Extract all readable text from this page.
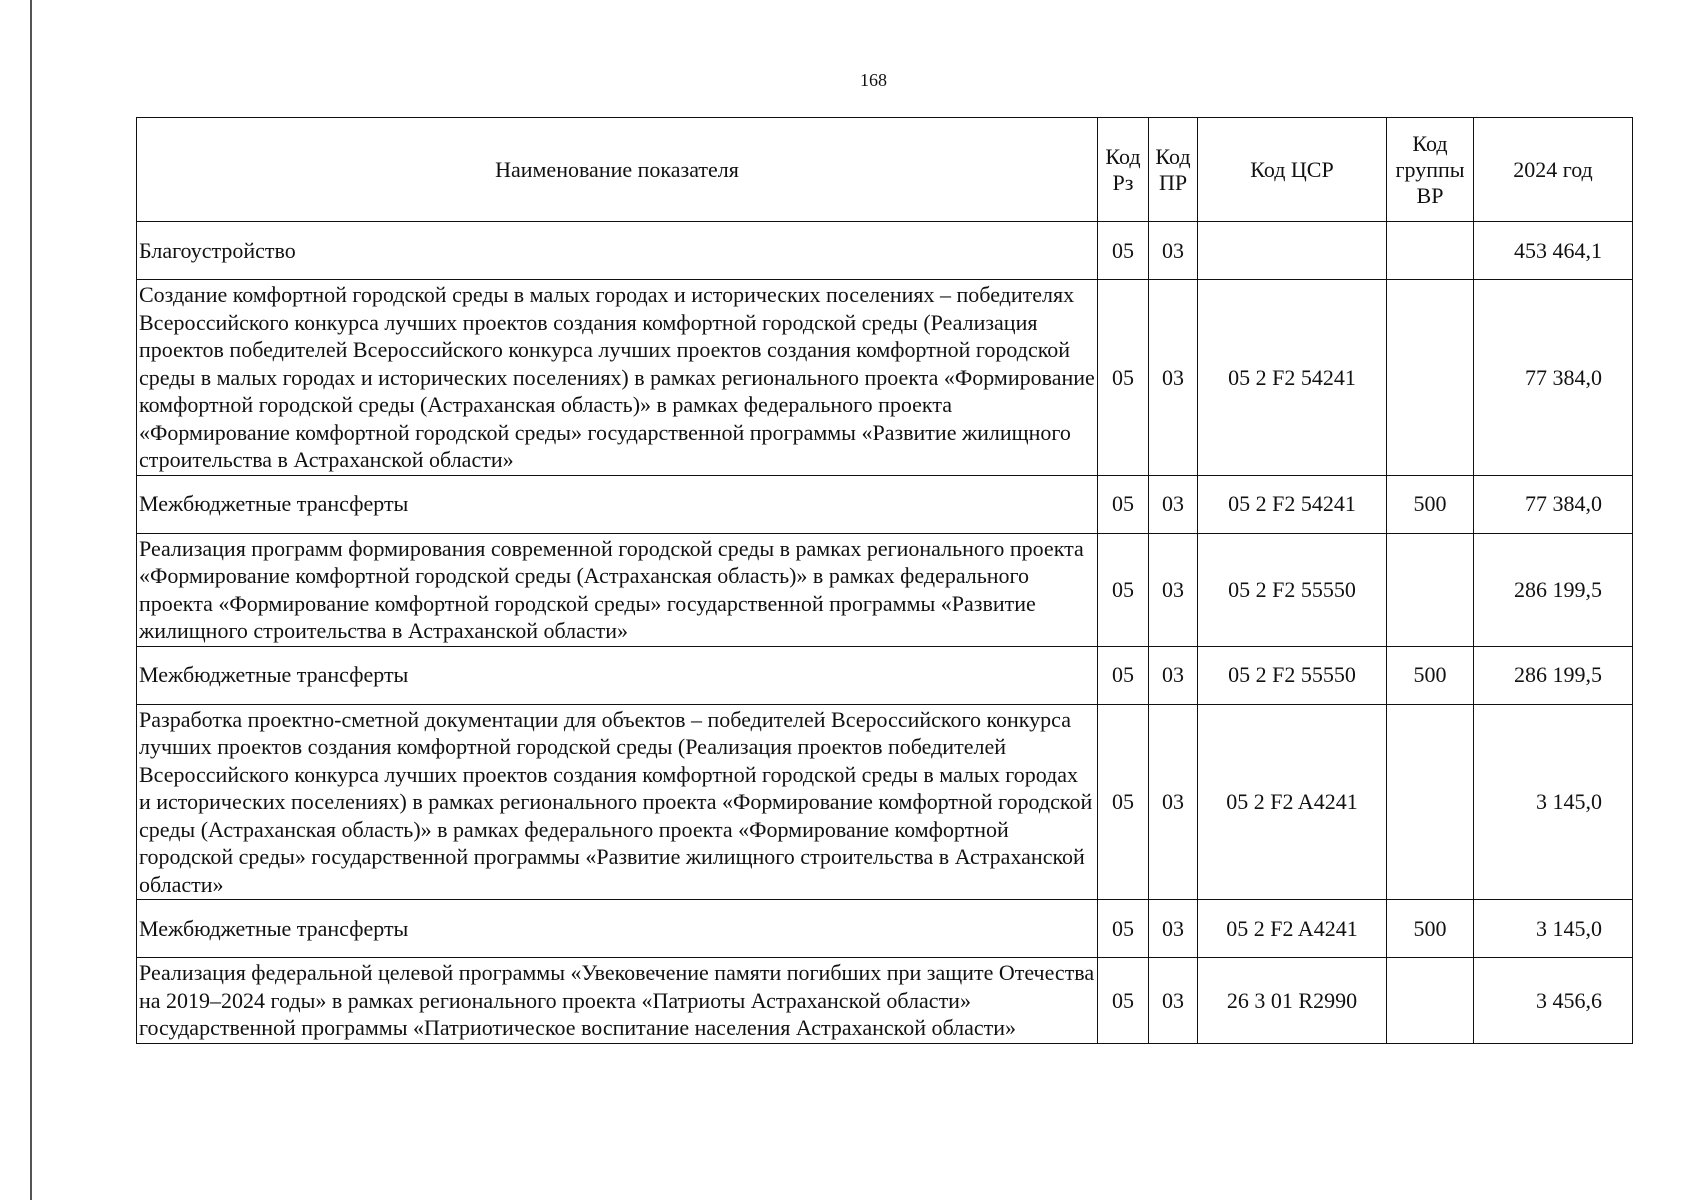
168
Наименование показателя	Код Рз	Код ПР	Код ЦСР	Код группы ВР	2024 год
Благоустройство	05	03			453 464,1
Создание комфортной городской среды в малых городах и исторических поселениях – победителях Всероссийского конкурса лучших проектов создания комфортной городской среды (Реализация проектов победителей Всероссийского конкурса лучших проектов создания комфортной городской среды в малых городах и исторических поселениях) в рамках регионального проекта «Формирование комфортной городской среды (Астраханская область)» в рамках федерального проекта «Формирование комфортной городской среды» государственной программы «Развитие жилищного строительства в Астраханской области»	05	03	05 2 F2 54241		77 384,0
Межбюджетные трансферты	05	03	05 2 F2 54241	500	77 384,0
Реализация программ формирования современной городской среды в рамках регионального проекта «Формирование комфортной городской среды (Астраханская область)» в рамках федерального проекта «Формирование комфортной городской среды» государственной программы «Развитие жилищного строительства в Астраханской области»	05	03	05 2 F2 55550		286 199,5
Межбюджетные трансферты	05	03	05 2 F2 55550	500	286 199,5
Разработка проектно-сметной документации для объектов – победителей Всероссийского конкурса лучших проектов создания комфортной городской среды (Реализация проектов победителей Всероссийского конкурса лучших проектов создания комфортной городской среды в малых городах и исторических поселениях) в рамках регионального проекта «Формирование комфортной городской среды (Астраханская область)» в рамках федерального проекта «Формирование комфортной городской среды» государственной программы «Развитие жилищного строительства в Астраханской области»	05	03	05 2 F2 A4241		3 145,0
Межбюджетные трансферты	05	03	05 2 F2 A4241	500	3 145,0
Реализация федеральной целевой программы «Увековечение памяти погибших при защите Отечества на 2019–2024 годы» в рамках регионального проекта «Патриоты Астраханской области» государственной программы «Патриотическое воспитание населения Астраханской области»	05	03	26 3 01 R2990		3 456,6
